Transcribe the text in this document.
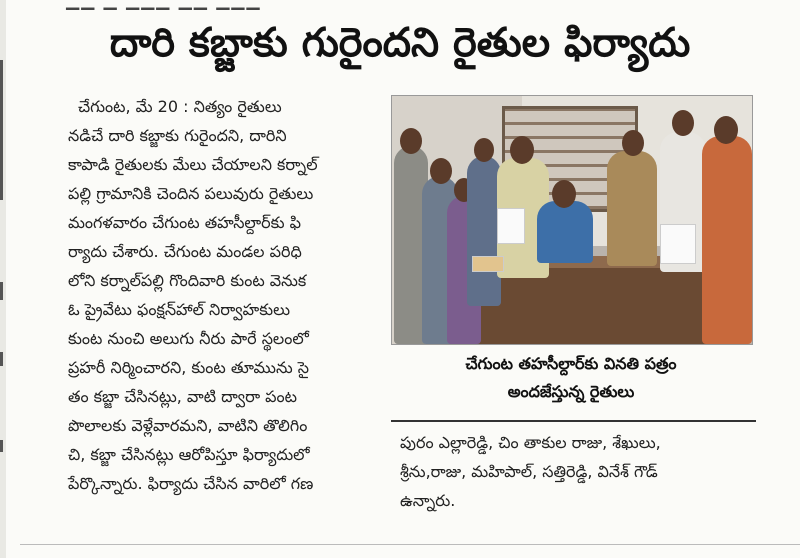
▁▁ ▁ ▁▁▁ ▁▁ ▁▁▁
దారి కబ్జాకు గురైందని రైతుల ఫిర్యాదు

చేగుంట, మే 20 : నిత్యం రైతులు

నడిచే దారి కబ్జాకు గురైందని, దారిని

కాపాడి రైతులకు మేలు చేయాలని కర్నాల్

పల్లి గ్రామానికి చెందిన పలువురు రైతులు

మంగళవారం చేగుంట తహసీల్దార్‌కు ఫి

ర్యాదు చేశారు. చేగుంట మండల పరిధి

లోని కర్నాల్‌పల్లి గొందివారి కుంట వెనుక

ఓ ప్రైవేటు ఫంక్షన్‌హాల్ నిర్వాహకులు

కుంట నుంచి అలుగు నీరు పారే స్థలంలో

ప్రహరీ నిర్మించారని, కుంట తూమును సై

తం కబ్జా చేసినట్లు, వాటి ద్వారా పంట

పొలాలకు వెళ్లేవారమని, వాటిని తొలిగిం

చి, కబ్జా చేసినట్లు ఆరోపిస్తూ ఫిర్యాదులో

పేర్కొన్నారు. ఫిర్యాదు చేసిన వారిలో గణ

చేగుంట తహసీల్దార్‌కు వినతి పత్రం
అందజేస్తున్న రైతులు

పురం ఎల్లారెడ్డి, చిం తాకుల రాజు, శేఖులు,

శ్రీను,రాజు, మహిపాల్, సత్తిరెడ్డి, వినేశ్ గౌడ్

ఉన్నారు.
